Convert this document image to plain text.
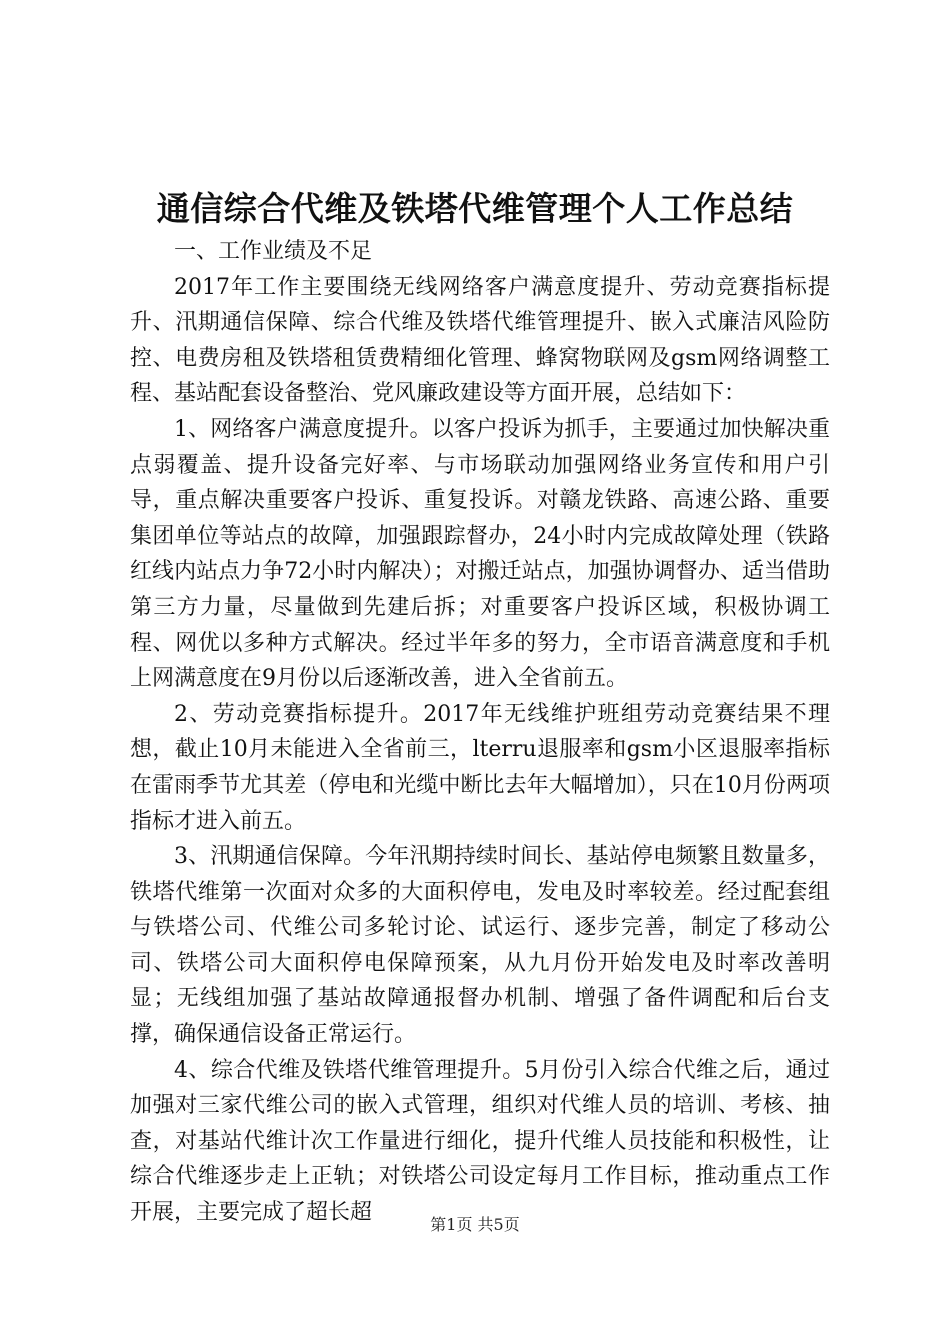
通信综合代维及铁塔代维管理个人工作总结

一、工作业绩及不足

2017年工作主要围绕无线网络客户满意度提升、劳动竞赛指标提升、汛期通信保障、综合代维及铁塔代维管理提升、嵌入式廉洁风险防控、电费房租及铁塔租赁费精细化管理、蜂窝物联网及gsm网络调整工程、基站配套设备整治、党风廉政建设等方面开展，总结如下：

1、网络客户满意度提升。以客户投诉为抓手，主要通过加快解决重点弱覆盖、提升设备完好率、与市场联动加强网络业务宣传和用户引导，重点解决重要客户投诉、重复投诉。对赣龙铁路、高速公路、重要集团单位等站点的故障，加强跟踪督办，24小时内完成故障处理（铁路红线内站点力争72小时内解决）；对搬迁站点，加强协调督办、适当借助第三方力量，尽量做到先建后拆；对重要客户投诉区域，积极协调工程、网优以多种方式解决。经过半年多的努力，全市语音满意度和手机上网满意度在9月份以后逐渐改善，进入全省前五。

2、劳动竞赛指标提升。2017年无线维护班组劳动竞赛结果不理想，截止10月未能进入全省前三，lterru退服率和gsm小区退服率指标在雷雨季节尤其差（停电和光缆中断比去年大幅增加），只在10月份两项指标才进入前五。

3、汛期通信保障。今年汛期持续时间长、基站停电频繁且数量多，铁塔代维第一次面对众多的大面积停电，发电及时率较差。经过配套组与铁塔公司、代维公司多轮讨论、试运行、逐步完善，制定了移动公司、铁塔公司大面积停电保障预案，从九月份开始发电及时率改善明显；无线组加强了基站故障通报督办机制、增强了备件调配和后台支撑，确保通信设备正常运行。

4、综合代维及铁塔代维管理提升。5月份引入综合代维之后，通过加强对三家代维公司的嵌入式管理，组织对代维人员的培训、考核、抽查，对基站代维计次工作量进行细化，提升代维人员技能和积极性，让综合代维逐步走上正轨；对铁塔公司设定每月工作目标，推动重点工作开展，主要完成了超长超	第1页 共5页
